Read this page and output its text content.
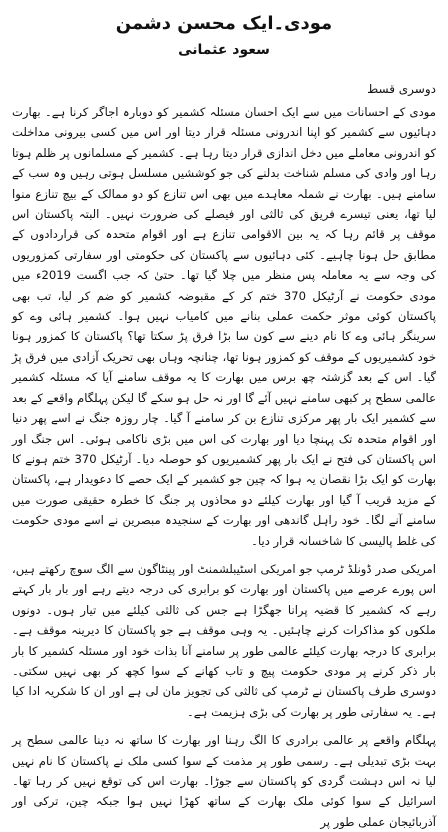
مودی۔ایک محسن دشمن
سعود عثمانی
دوسری قسط

مودی کے احسانات میں سے ایک احسان مسئلہ کشمیر کو دوبارہ اجاگر کرنا ہے۔ بھارت دہائیوں سے کشمیر کو اپنا اندرونی مسئلہ قرار دیتا اور اس میں کسی بیرونی مداخلت کو اندرونی معاملے میں دخل اندازی قرار دیتا رہا ہے۔ کشمیر کے مسلمانوں پر ظلم ہوتا رہا اور وادی کی مسلم شناخت بدلنے کی جو کوششیں مسلسل ہوتی رہیں وہ سب کے سامنے ہیں۔ بھارت نے شملہ معاہدے میں بھی اس تنازع کو دو ممالک کے بیچ تنازع منوا لیا تھا، یعنی تیسرے فریق کی ثالثی اور فیصلے کی ضرورت نہیں۔ البتہ پاکستان اس موقف پر قائم رہا کہ یہ بین الاقوامی تنازع ہے اور اقوام متحدہ کی قراردادوں کے مطابق حل ہونا چاہیے۔ کئی دہائیوں سے پاکستان کی حکومتی اور سفارتی کمزوریوں کی وجہ سے یہ معاملہ پس منظر میں چلا گیا تھا۔ حتیٰ کہ جب اگست 2019ء میں مودی حکومت نے آرٹیکل 370 ختم کر کے مقبوضہ کشمیر کو ضم کر لیا، تب بھی پاکستان کوئی موثر حکمت عملی بنانے میں کامیاب نہیں ہوا۔ کشمیر ہائی وے کو سرینگر ہائی وے کا نام دینے سے کون سا بڑا فرق پڑ سکتا تھا؟ پاکستان کا کمزور ہونا خود کشمیریوں کے موقف کو کمزور ہونا تھا، چنانچہ وہاں بھی تحریک آزادی میں فرق پڑ گیا۔ اس کے بعد گزشتہ چھ برس میں بھارت کا یہ موقف سامنے آیا کہ مسئلہ کشمیر عالمی سطح پر کبھی سامنے نہیں آئے گا اور نہ حل ہو سکے گا لیکن پہلگام واقعے کے بعد سے کشمیر ایک بار پھر مرکزی تنازع بن کر سامنے آ گیا۔ چار روزہ جنگ نے اسے پھر دنیا اور اقوام متحدہ تک پہنچا دیا اور بھارت کی اس میں بڑی ناکامی ہوئی۔ اس جنگ اور اس پاکستان کی فتح نے ایک بار پھر کشمیریوں کو حوصلہ دیا۔ آرٹیکل 370 ختم ہونے کا بھارت کو ایک بڑا نقصان یہ ہوا کہ چین جو کشمیر کے ایک حصے کا دعویدار ہے، پاکستان کے مزید قریب آ گیا اور بھارت کیلئے دو محاذوں پر جنگ کا خطرہ حقیقی صورت میں سامنے آنے لگا۔ خود راہل گاندھی اور بھارت کے سنجیدہ مبصرین نے اسے مودی حکومت کی غلط پالیسی کا شاخسانہ قرار دیا۔

امریکی صدر ڈونلڈ ٹرمپ جو امریکی اسٹیبلشمنٹ اور پینٹاگون سے الگ سوچ رکھتے ہیں، اس پورے عرصے میں پاکستان اور بھارت کو برابری کی درجہ دیتے رہے اور بار بار کہتے رہے کہ کشمیر کا قضیہ پرانا جھگڑا ہے جس کی ثالثی کیلئے میں تیار ہوں۔ دونوں ملکوں کو مذاکرات کرنے چاہئیں۔ یہ وہی موقف ہے جو پاکستان کا دیرینہ موقف ہے۔ برابری کا درجہ بھارت کیلئے عالمی طور پر سامنے آنا بذات خود اور مسئلہ کشمیر کا بار بار ذکر کرنے پر مودی حکومت پیچ و تاب کھانے کے سوا کچھ کر بھی نہیں سکتی۔ دوسری طرف پاکستان نے ٹرمپ کی ثالثی کی تجویز مان لی ہے اور ان کا شکریہ ادا کیا ہے۔ یہ سفارتی طور پر بھارت کی بڑی ہزیمت ہے۔

پہلگام واقعے پر عالمی برادری کا الگ رہنا اور بھارت کا ساتھ نہ دینا عالمی سطح پر بہت بڑی تبدیلی ہے۔ رسمی طور پر مذمت کے سوا کسی ملک نے پاکستان کا نام نہیں لیا نہ اس دہشت گردی کو پاکستان سے جوڑا۔ بھارت اس کی توقع نہیں کر رہا تھا۔ اسرائیل کے سوا کوئی ملک بھارت کے ساتھ کھڑا نہیں ہوا جبکہ چین، ترکی اور آذربائیجان عملی طور پر
